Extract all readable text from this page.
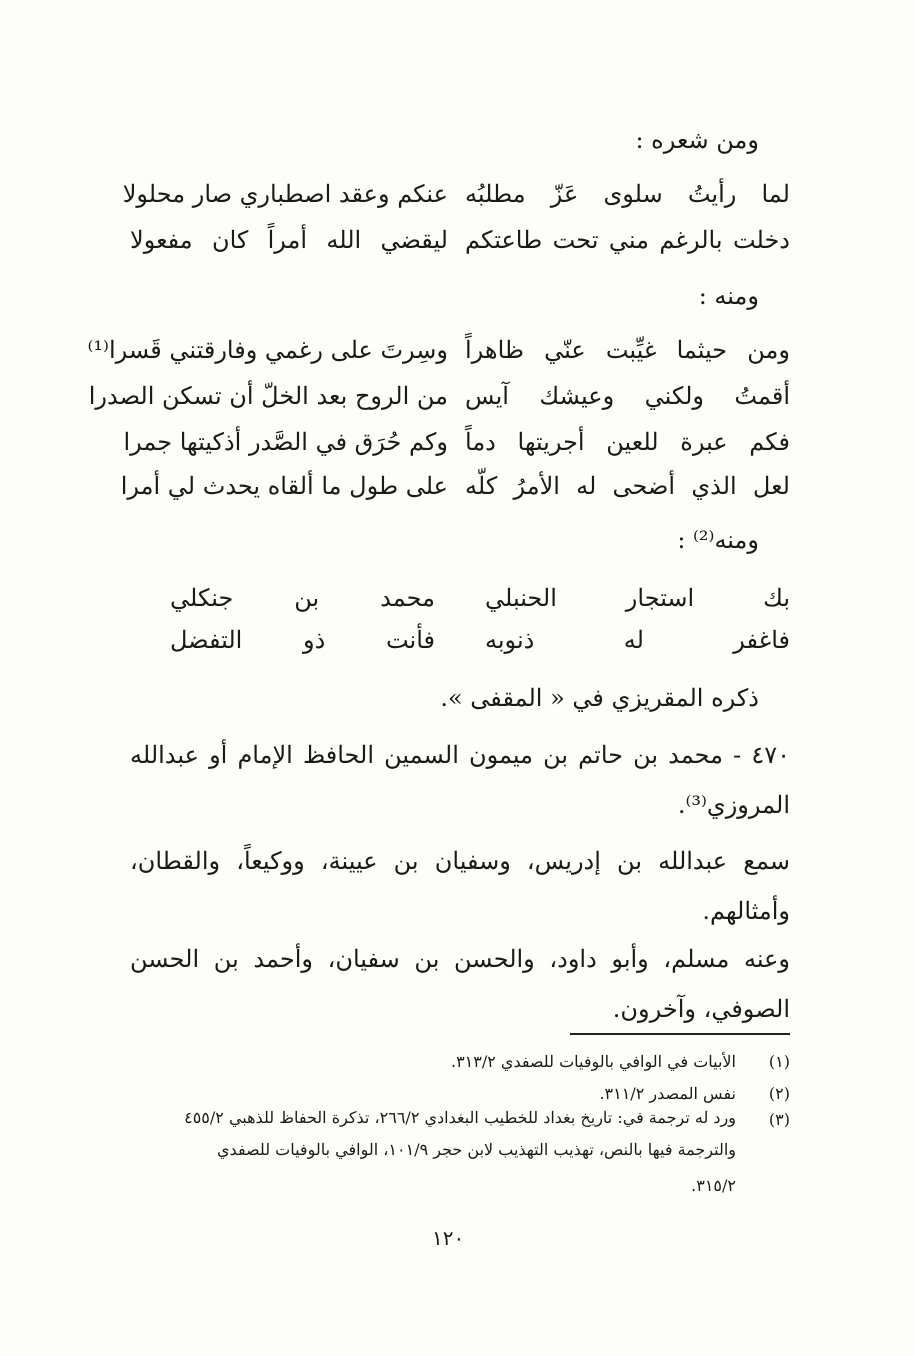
ومن شعره :
لما رأيتُ سلوى عَزّ مطلبُه
عنكم وعقد اصطباري صار محلولا
دخلت بالرغم مني تحت طاعتكم
ليقضي الله أمراً كان مفعولا
ومنه :
ومن حيثما غيِّبت عنّي ظاهراً
وسِرتَ على رغمي وفارقتني قَسرا⁽¹⁾
أقمتُ ولكني وعيشك آيس
من الروح بعد الخلّ أن تسكن الصدرا
فكم عبرة للعين أجريتها دماً
وكم حُرَق في الصَّدر أذكيتها جمرا
لعل الذي أضحى له الأمرُ كلّه
على طول ما ألقاه يحدث لي أمرا
ومنه⁽²⁾ :
بك استجار الحنبلي
محمد بن جنكلي
فاغفر له ذنوبه
فأنت ذو التفضل
ذكره المقريزي في « المقفى ».
٤٧٠ - محمد بن حاتم بن ميمون السمين الحافظ الإمام أو عبدالله المروزي⁽³⁾.
سمع عبدالله بن إدريس، وسفيان بن عيينة، ووكيعاً، والقطان، وأمثالهم.
وعنه مسلم، وأبو داود، والحسن بن سفيان، وأحمد بن الحسن الصوفي، وآخرون.
(١)
الأبيات في الوافي بالوفيات للصفدي ٣١٣/٢.
(٢)
نفس المصدر ٣١١/٢.
(٣)
ورد له ترجمة في: تاريخ بغداد للخطيب البغدادي ٢٦٦/٢، تذكرة الحفاظ للذهبي ٤٥٥/٢
والترجمة فيها بالنص، تهذيب التهذيب لابن حجر ١٠١/٩، الوافي بالوفيات للصفدي
٣١٥/٢.
١٢٠
